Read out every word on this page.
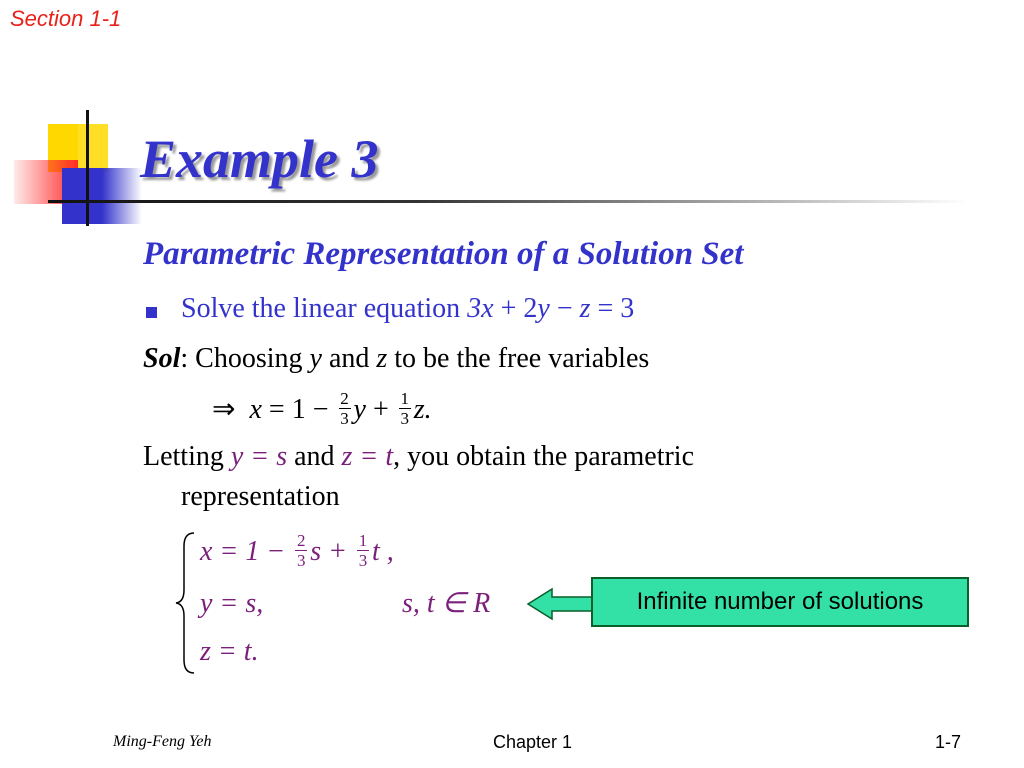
Section 1-1
Example 3
Parametric Representation of a Solution Set
Solve the linear equation 3x + 2y − z = 3
Sol: Choosing y and z to be the free variables
⇒ $x = 1 - \frac{2}{3}$ $y + \frac{1}{3} z$.
Letting y = s and z = t, you obtain the parametric
representation
$x = 1 - \frac{2}{3}$ $s + \frac{1}{3}$ t ,
y = s,	s, t ∈ R
z = t.
Infinite number of solutions
Ming-Feng Yeh	Chapter 1	1-7
